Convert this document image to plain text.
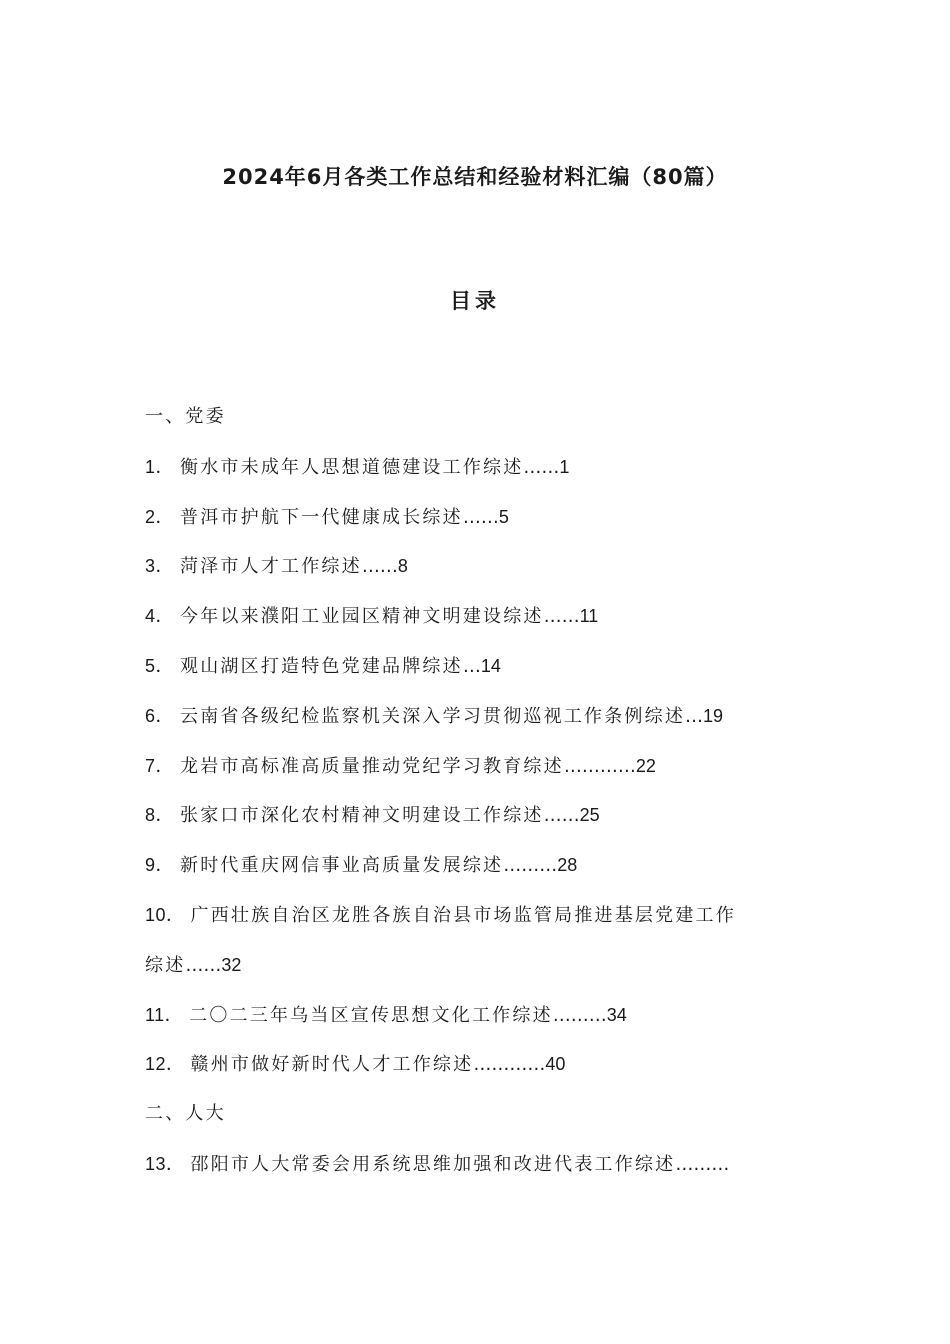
2024年6月各类工作总结和经验材料汇编（80篇）
目录
一、党委
1． 衡水市未成年人思想道德建设工作综述……1
2． 普洱市护航下一代健康成长综述……5
3． 菏泽市人才工作综述……8
4． 今年以来濮阳工业园区精神文明建设综述……11
5． 观山湖区打造特色党建品牌综述…14
6． 云南省各级纪检监察机关深入学习贯彻巡视工作条例综述…19
7． 龙岩市高标准高质量推动党纪学习教育综述…………22
8． 张家口市深化农村精神文明建设工作综述……25
9． 新时代重庆网信事业高质量发展综述………28
10． 广西壮族自治区龙胜各族自治县市场监管局推进基层党建工作
综述……32
11． 二〇二三年乌当区宣传思想文化工作综述………34
12． 赣州市做好新时代人才工作综述…………40
二、人大
13． 邵阳市人大常委会用系统思维加强和改进代表工作综述………
